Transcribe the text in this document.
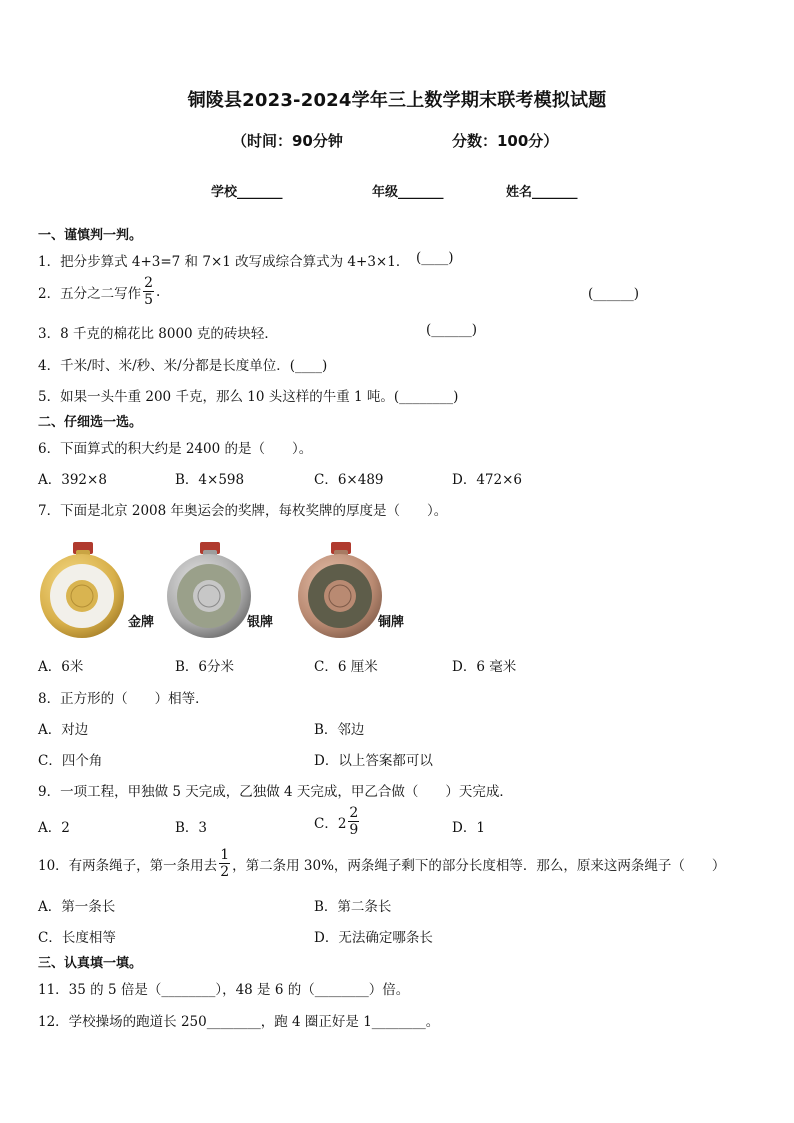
铜陵县2023-2024学年三上数学期末联考模拟试题
（时间：90分钟	分数：100分）
学校_______	年级_______	姓名_______
一、谨慎判一判。
1．把分步算式 4+3=7 和 7×1 改写成综合算式为 4+3×1． (____)
2．五分之二写作 $\frac{2}{5}$ .	(______)
3．8 千克的棉花比 8000 克的砖块轻．	(______)
4．千米/时、米/秒、米/分都是长度单位．(____)
5．如果一头牛重 200 千克，那么 10 头这样的牛重 1 吨。(________)
二、仔细选一选。
6．下面算式的积大约是 2400 的是（　　）。
A．392×8	B．4×598	C．6×489	D．472×6
7．下面是北京 2008 年奥运会的奖牌，每枚奖牌的厚度是（　　）。
金牌	银牌	铜牌
A．6米	B．6分米	C．6 厘米	D．6 毫米
8．正方形的（　　）相等．
A．对边	B．邻边
C．四个角	D．以上答案都可以
9．一项工程，甲独做 5 天完成，乙独做 4 天完成，甲乙合做（　　）天完成．
A．2	B．3	C．$2 \frac{2}{9}$	D．1
10．有两条绳子，第一条用去 $\frac{1}{2}$ ，第二条用 30%，两条绳子剩下的部分长度相等．那么，原来这两条绳子（　　）
A．第一条长	B．第二条长
C．长度相等	D．无法确定哪条长
三、认真填一填。
11．35 的 5 倍是（________），48 是 6 的（________）倍。
12．学校操场的跑道长 250________，跑 4 圈正好是 1________。
